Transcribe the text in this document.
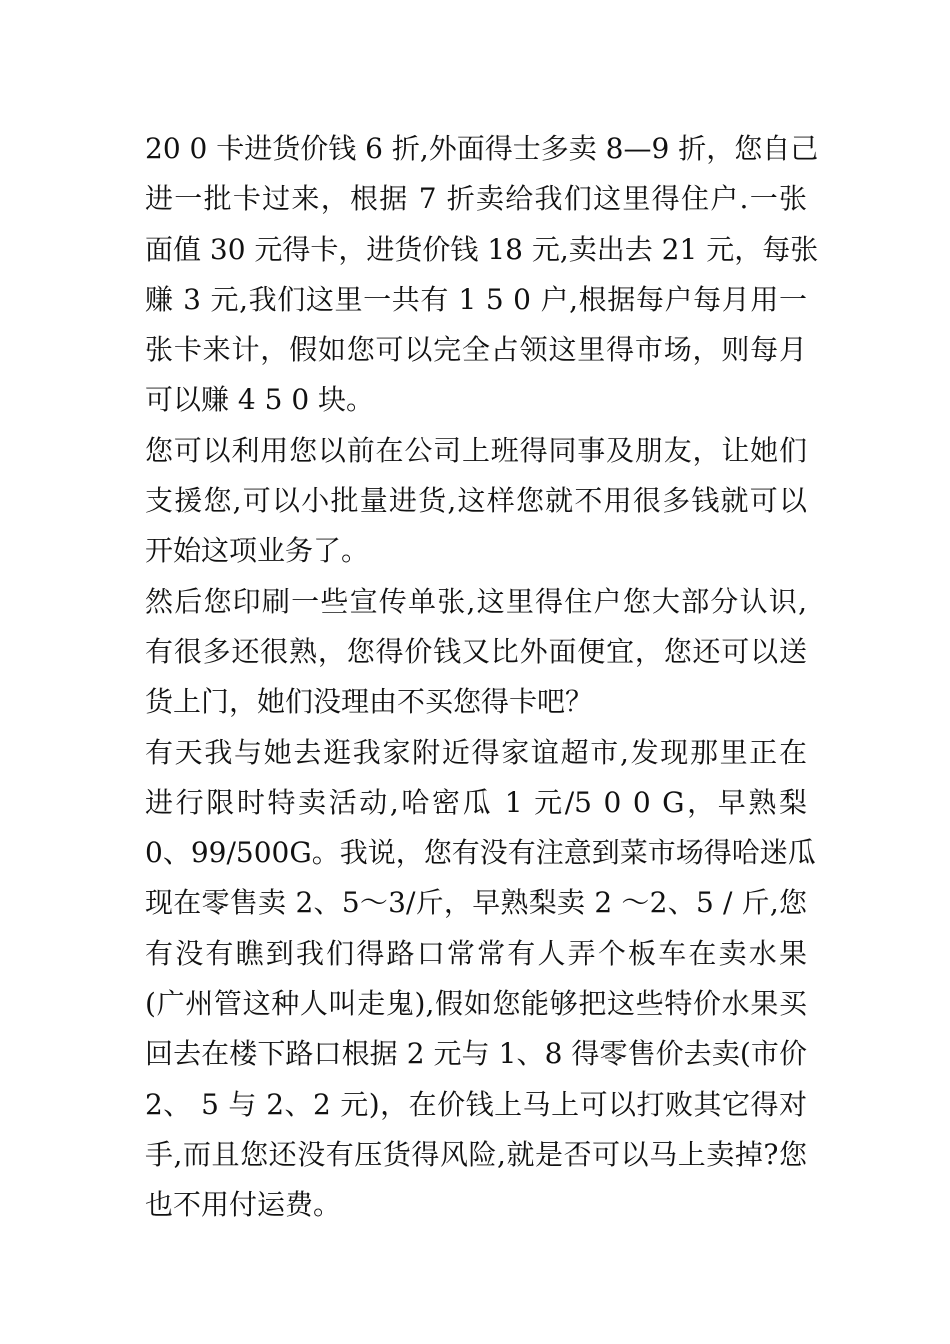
20 0 卡进货价钱 6 折,外面得士多卖 8—9 折，您自己
进一批卡过来，根据 7 折卖给我们这里得住户.一张
面值 30 元得卡，进货价钱 18 元,卖出去 21 元，每张
赚 3 元,我们这里一共有 1 5 0 户,根据每户每月用一
张卡来计，假如您可以完全占领这里得市场，则每月
可以赚 4 5 0 块。
您可以利用您以前在公司上班得同事及朋友，让她们
支援您,可以小批量进货,这样您就不用很多钱就可以
开始这项业务了。
然后您印刷一些宣传单张,这里得住户您大部分认识,
有很多还很熟，您得价钱又比外面便宜，您还可以送
货上门，她们没理由不买您得卡吧？
有天我与她去逛我家附近得家谊超市,发现那里正在
进行限时特卖活动,哈密瓜 1 元/5 0 0 G，早熟梨
0、99/500G。我说，您有没有注意到菜市场得哈迷瓜
现在零售卖 2、5～3/斤，早熟梨卖 2 ～2、5 / 斤,您
有没有瞧到我们得路口常常有人弄个板车在卖水果
(广州管这种人叫走鬼),假如您能够把这些特价水果买
回去在楼下路口根据 2 元与 1、8 得零售价去卖(市价
2、 5 与 2、2 元)，在价钱上马上可以打败其它得对
手,而且您还没有压货得风险,就是否可以马上卖掉?您
也不用付运费。
